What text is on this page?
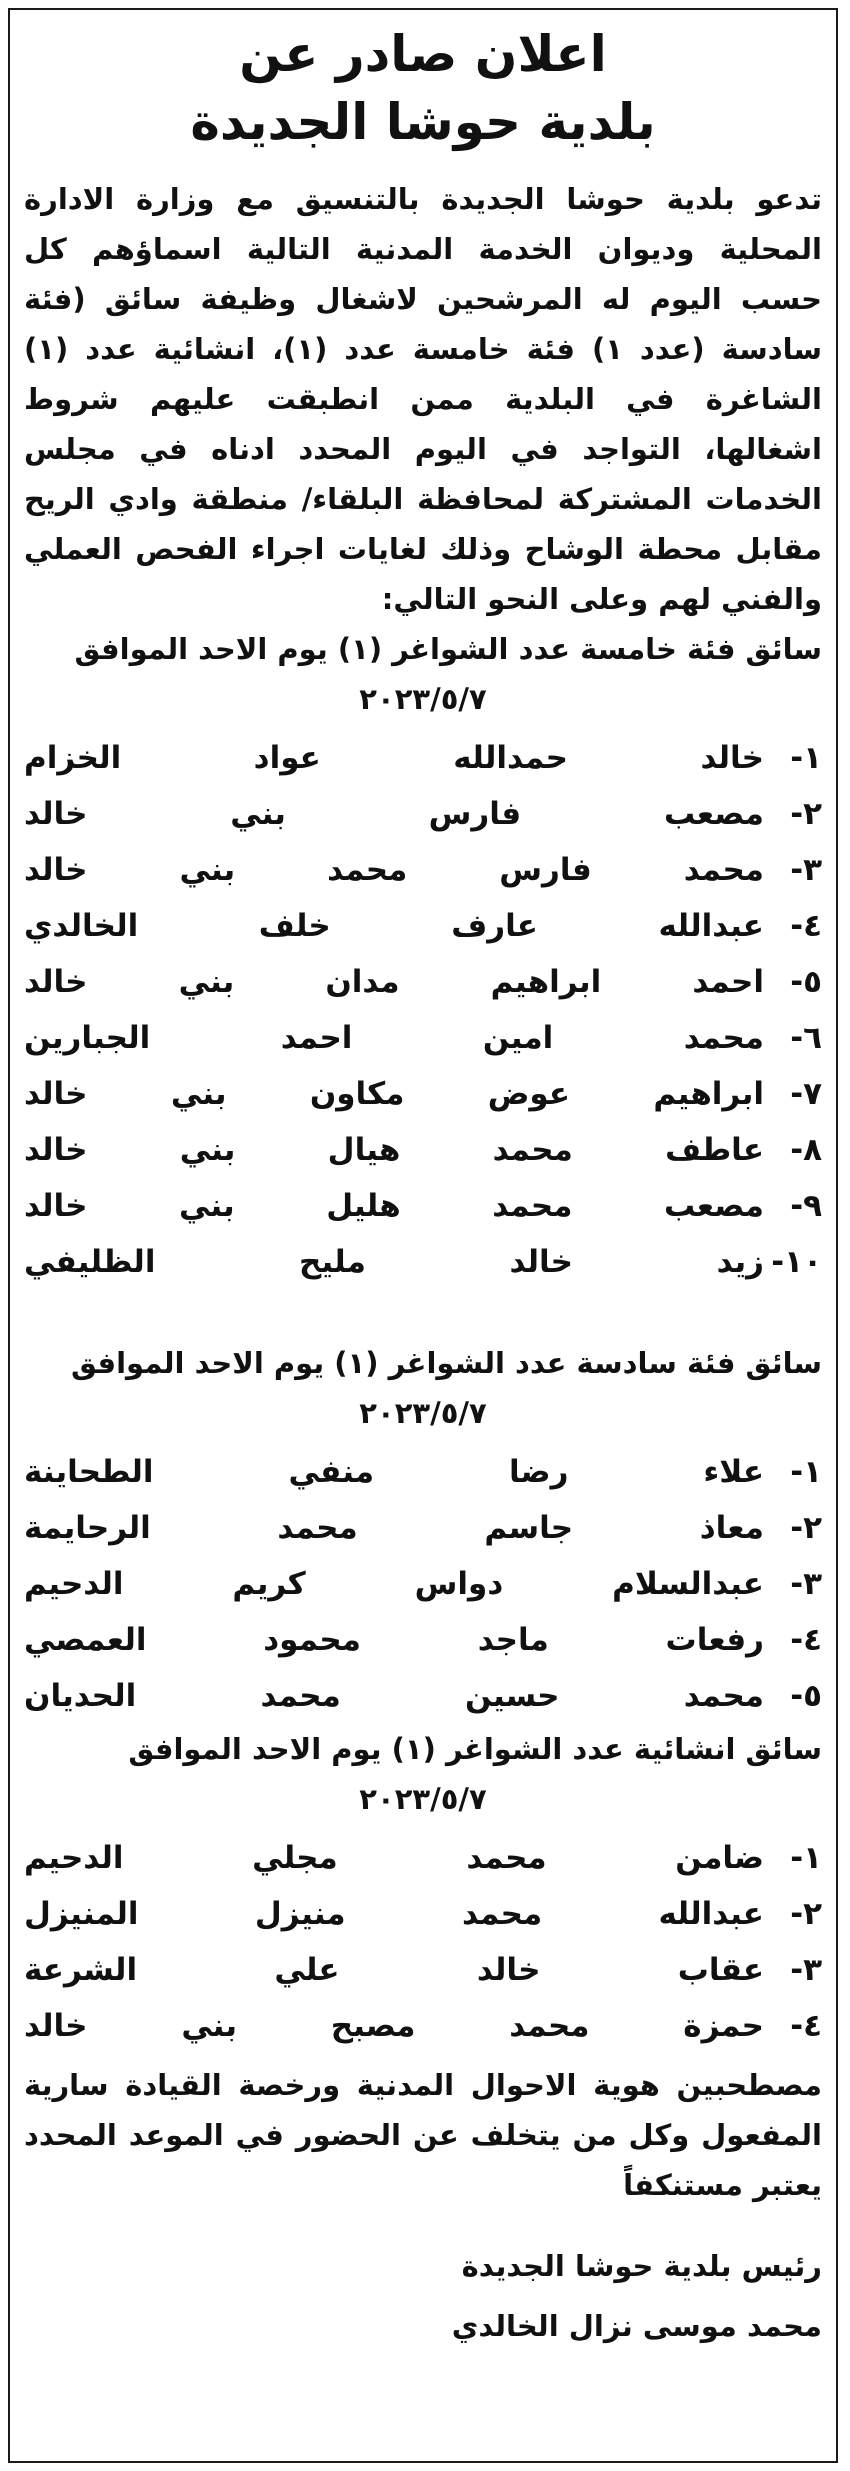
اعلان صادر عن
بلدية حوشا الجديدة

تدعو بلدية حوشا الجديدة بالتنسيق مع وزارة الادارة المحلية وديوان الخدمة المدنية التالية اسماؤهم كل حسب اليوم له المرشحين لاشغال وظيفة سائق (فئة سادسة (عدد ١) فئة خامسة عدد (١)، انشائية عدد (١) الشاغرة في البلدية ممن انطبقت عليهم شروط اشغالها، التواجد في اليوم المحدد ادناه في مجلس الخدمات المشتركة لمحافظة البلقاء/ منطقة وادي الريح مقابل محطة الوشاح وذلك لغايات اجراء الفحص العملي والفني لهم وعلى النحو التالي:

سائق فئة خامسة عدد الشواغر (١) يوم الاحد الموافق

٢٠٢٣/٥/٧

١-
خالد حمدالله عواد الخزام
٢-
مصعب فارس بني خالد
٣-
محمد فارس محمد بني خالد
٤-
عبدالله عارف خلف الخالدي
٥-
احمد ابراهيم مدان بني خالد
٦-
محمد امين احمد الجبارين
٧-
ابراهيم عوض مكاون بني خالد
٨-
عاطف محمد هيال بني خالد
٩-
مصعب محمد هليل بني خالد
١٠-
زيد خالد مليح الظليفي

سائق فئة سادسة عدد الشواغر (١) يوم الاحد الموافق

٢٠٢٣/٥/٧

١-
علاء رضا منفي الطحاينة
٢-
معاذ جاسم محمد الرحايمة
٣-
عبدالسلام دواس كريم الدحيم
٤-
رفعات ماجد محمود العمصي
٥-
محمد حسين محمد الحديان

سائق انشائية عدد الشواغر (١) يوم الاحد الموافق

٢٠٢٣/٥/٧

١-
ضامن محمد مجلي الدحيم
٢-
عبدالله محمد منيزل المنيزل
٣-
عقاب خالد علي الشرعة
٤-
حمزة محمد مصبح بني خالد

مصطحبين هوية الاحوال المدنية ورخصة القيادة سارية المفعول وكل من يتخلف عن الحضور في الموعد المحدد يعتبر مستنكفاً

رئيس بلدية حوشا الجديدة
محمد موسى نزال الخالدي
